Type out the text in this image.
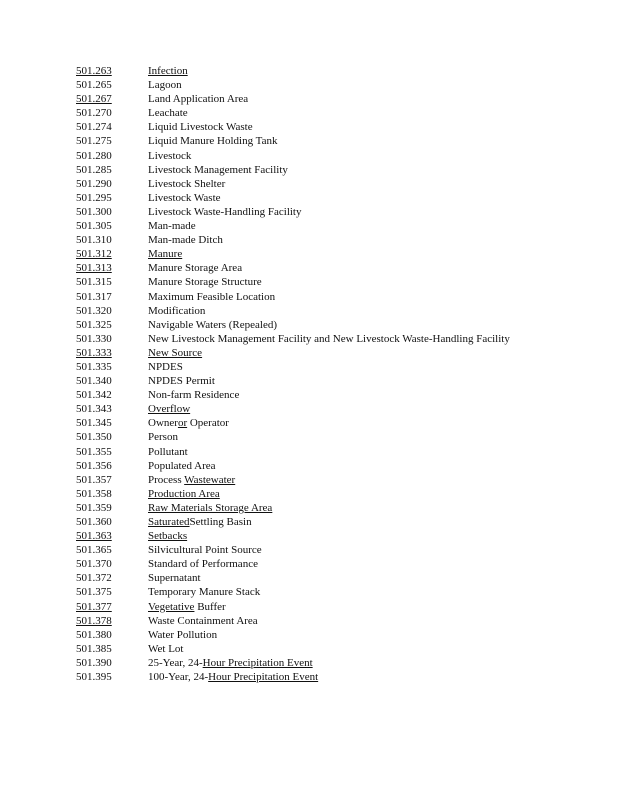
501.263	Infection
501.265	Lagoon
501.267	Land Application Area
501.270	Leachate
501.274	Liquid Livestock Waste
501.275	Liquid Manure Holding Tank
501.280	Livestock
501.285	Livestock Management Facility
501.290	Livestock Shelter
501.295	Livestock Waste
501.300	Livestock Waste-Handling Facility
501.305	Man-made
501.310	Man-made Ditch
501.312	Manure
501.313	Manure Storage Area
501.315	Manure Storage Structure
501.317	Maximum Feasible Location
501.320	Modification
501.325	Navigable Waters (Repealed)
501.330	New Livestock Management Facility and New Livestock Waste-Handling Facility
501.333	New Source
501.335	NPDES
501.340	NPDES Permit
501.342	Non-farm Residence
501.343	Overflow
501.345	Owneror Operator
501.350	Person
501.355	Pollutant
501.356	Populated Area
501.357	Process Wastewater
501.358	Production Area
501.359	Raw Materials Storage Area
501.360	SaturatedSettling Basin
501.363	Setbacks
501.365	Silvicultural Point Source
501.370	Standard of Performance
501.372	Supernatant
501.375	Temporary Manure Stack
501.377	Vegetative Buffer
501.378	Waste Containment Area
501.380	Water Pollution
501.385	Wet Lot
501.390	25-Year, 24-Hour Precipitation Event
501.395	100-Year, 24-Hour Precipitation Event
